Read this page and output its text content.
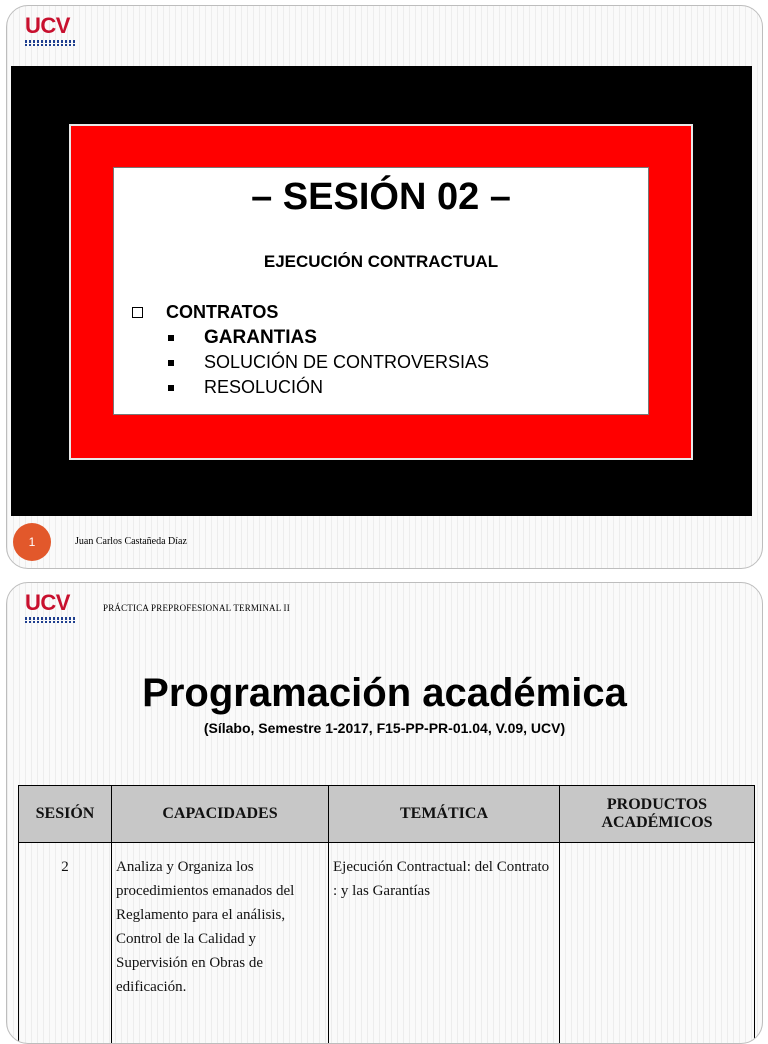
UCV
– SESIÓN 02 –
EJECUCIÓN CONTRACTUAL
CONTRATOS
GARANTIAS
SOLUCIÓN DE CONTROVERSIAS
RESOLUCIÓN
1	Juan Carlos Castañeda Díaz
UCV	PRÁCTICA PREPROFESIONAL TERMINAL II
Programación académica
(Sílabo, Semestre 1-2017, F15-PP-PR-01.04, V.09, UCV)
SESIÓN	CAPACIDADES	TEMÁTICA	PRODUCTOS ACADÉMICOS
2	Analiza y Organiza los procedimientos emanados del Reglamento para el análisis, Control de la Calidad y Supervisión en Obras de edificación.	Ejecución Contractual: del Contrato : y las Garantías	
